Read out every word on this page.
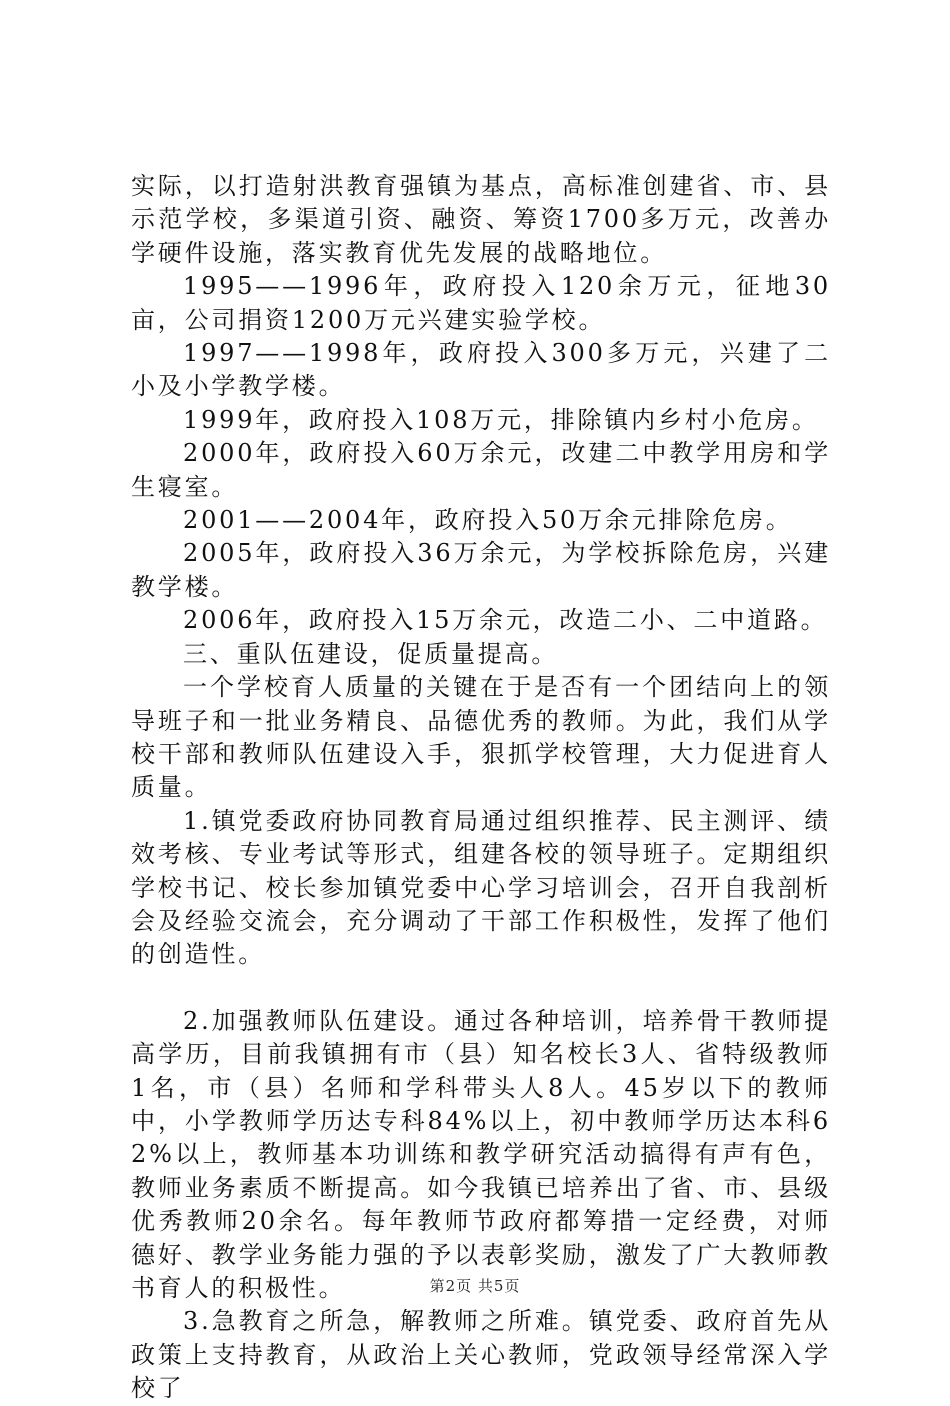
实际，以打造射洪教育强镇为基点，高标准创建省、市、县示范学校，多渠道引资、融资、筹资1700多万元，改善办学硬件设施，落实教育优先发展的战略地位。

1995——1996年，政府投入120余万元，征地30亩，公司捐资1200万元兴建实验学校。

1997——1998年，政府投入300多万元，兴建了二小及小学教学楼。

1999年，政府投入108万元，排除镇内乡村小危房。

2000年，政府投入60万余元，改建二中教学用房和学生寝室。

2001——2004年，政府投入50万余元排除危房。

2005年，政府投入36万余元，为学校拆除危房，兴建教学楼。

2006年，政府投入15万余元，改造二小、二中道路。

三、重队伍建设，促质量提高。

一个学校育人质量的关键在于是否有一个团结向上的领导班子和一批业务精良、品德优秀的教师。为此，我们从学校干部和教师队伍建设入手，狠抓学校管理，大力促进育人质量。

1.镇党委政府协同教育局通过组织推荐、民主测评、绩效考核、专业考试等形式，组建各校的领导班子。定期组织学校书记、校长参加镇党委中心学习培训会，召开自我剖析会及经验交流会，充分调动了干部工作积极性，发挥了他们的创造性。

2.加强教师队伍建设。通过各种培训，培养骨干教师提高学历，目前我镇拥有市（县）知名校长3人、省特级教师1名，市（县）名师和学科带头人8人。45岁以下的教师中，小学教师学历达专科84%以上，初中教师学历达本科62%以上，教师基本功训练和教学研究活动搞得有声有色，教师业务素质不断提高。如今我镇已培养出了省、市、县级优秀教师20余名。每年教师节政府都筹措一定经费，对师德好、教学业务能力强的予以表彰奖励，激发了广大教师教书育人的积极性。

3.急教育之所急，解教师之所难。镇党委、政府首先从政策上支持教育，从政治上关心教师，党政领导经常深入学校了

第2页 共5页
